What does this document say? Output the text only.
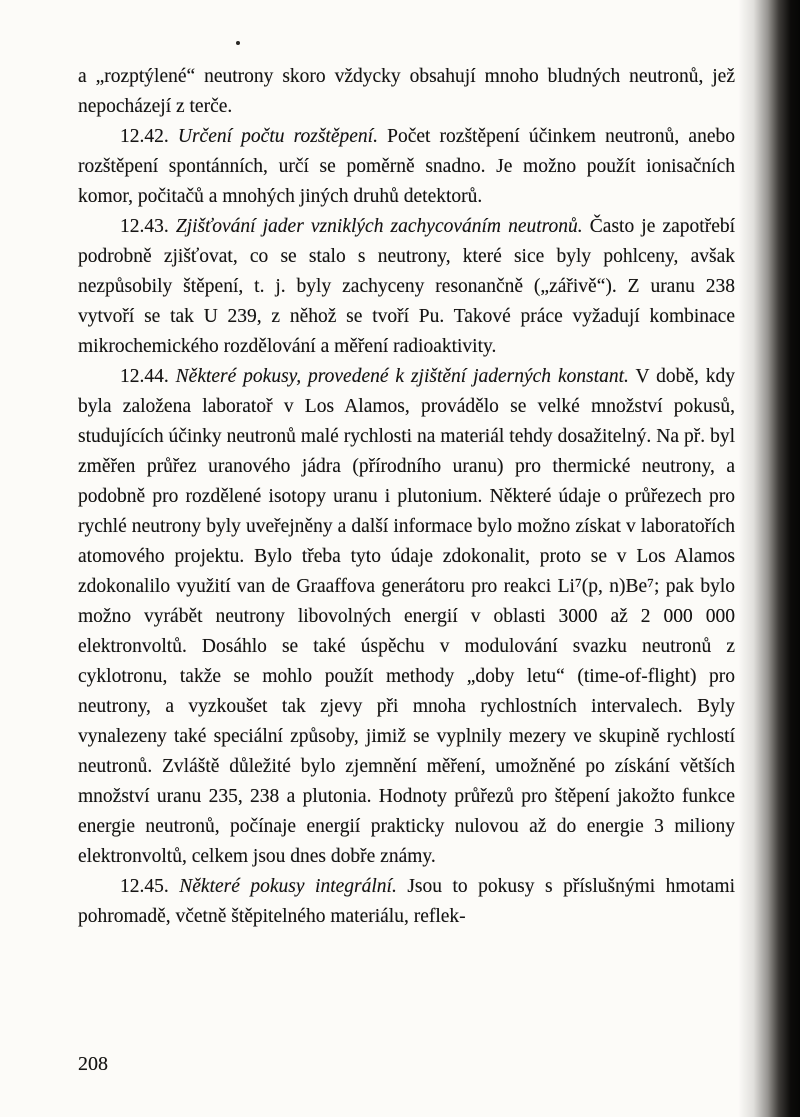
a „rozptýlené“ neutrony skoro vždycky obsahují mnoho bludných neutronů, jež nepocházejí z terče.

12.42. Určení počtu rozštěpení. Počet rozštěpení účinkem neutronů, anebo rozštěpení spontánních, určí se poměrně snadno. Je možno použít ionisačních komor, počitačů a mnohých jiných druhů detektorů.

12.43. Zjišťování jader vzniklých zachycováním neutronů. Často je zapotřebí podrobně zjišťovat, co se stalo s neutrony, které sice byly pohlceny, avšak nezpůsobily štěpení, t. j. byly zachyceny resonančně („zářivě“). Z uranu 238 vytvoří se tak U 239, z něhož se tvoří Pu. Takové práce vyžadují kombinace mikrochemického rozdělování a měření radioaktivity.

12.44. Některé pokusy, provedené k zjištění jaderných konstant. V době, kdy byla založena laboratoř v Los Alamos, provádělo se velké množství pokusů, studujících účinky neutronů malé rychlosti na materiál tehdy dosažitelný. Na př. byl změřen průřez uranového jádra (přírodního uranu) pro thermické neutrony, a podobně pro rozdělené isotopy uranu i plutonium. Některé údaje o průřezech pro rychlé neutrony byly uveřejněny a další informace bylo možno získat v laboratořích atomového projektu. Bylo třeba tyto údaje zdokonalit, proto se v Los Alamos zdokonalilo využití van de Graaffova generátoru pro reakci Li⁷(p, n)Be⁷; pak bylo možno vyrábět neutrony libovolných energií v oblasti 3000 až 2 000 000 elektronvoltů. Dosáhlo se také úspěchu v modulování svazku neutronů z cyklotronu, takže se mohlo použít methody „doby letu“ (time-of-flight) pro neutrony, a vyzkoušet tak zjevy při mnoha rychlostních intervalech. Byly vynalezeny také speciální způsoby, jimiž se vyplnily mezery ve skupině rychlostí neutronů. Zvláště důležité bylo zjemnění měření, umožněné po získání větších množství uranu 235, 238 a plutonia. Hodnoty průřezů pro štěpení jakožto funkce energie neutronů, počínaje energií prakticky nulovou až do energie 3 miliony elektronvoltů, celkem jsou dnes dobře známy.

12.45. Některé pokusy integrální. Jsou to pokusy s příslušnými hmotami pohromadě, včetně štěpitelného materiálu, reflek-

208
